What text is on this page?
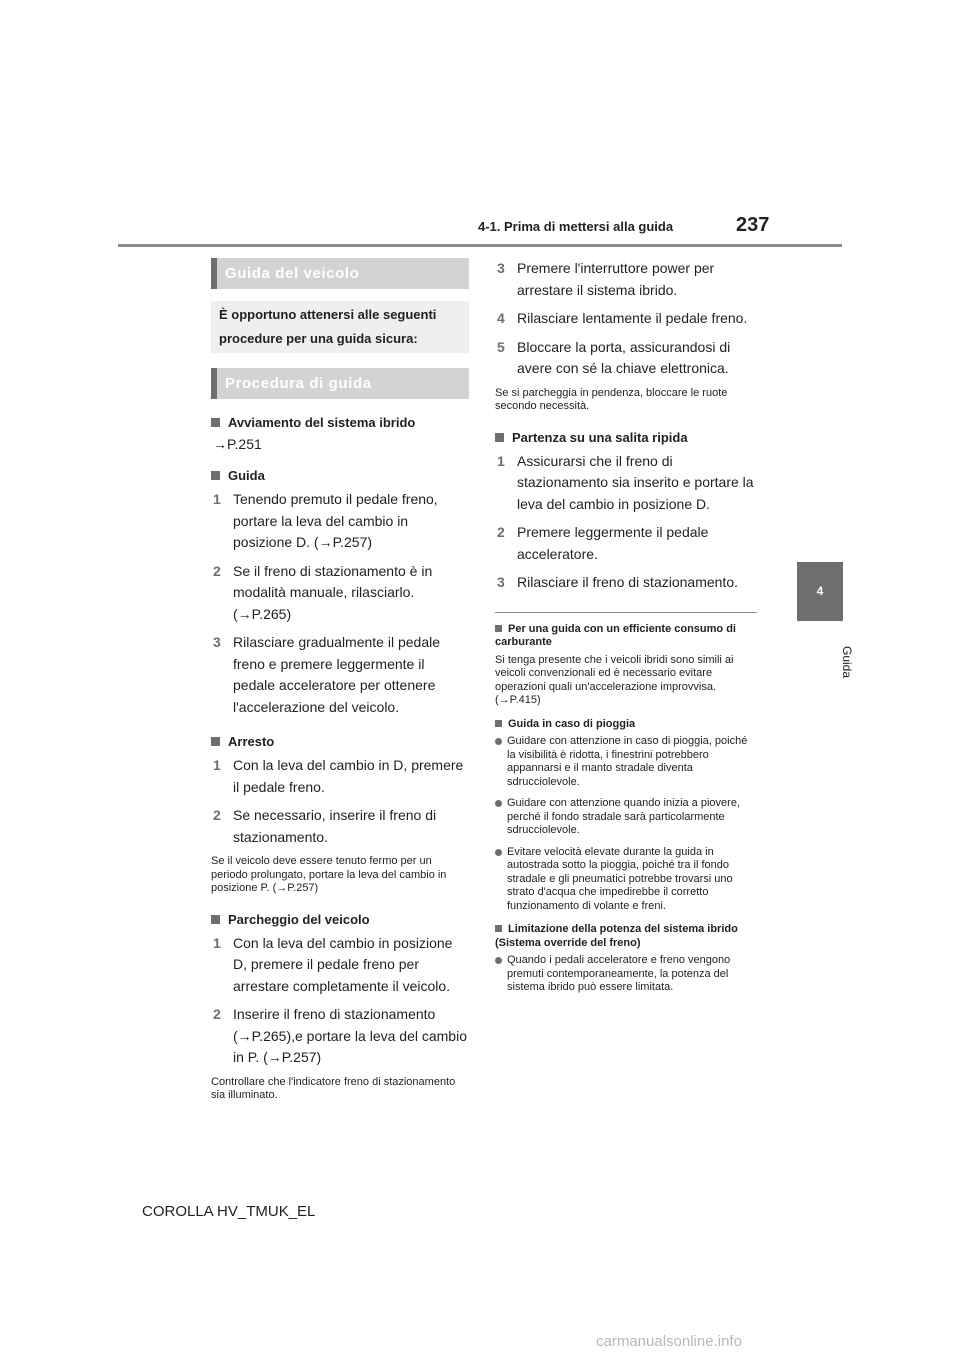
4-1. Prima di mettersi alla guida	237
4
Guida
Guida del veicolo
È opportuno attenersi alle seguenti procedure per una guida sicura:
Procedura di guida
Avviamento del sistema ibrido
→P.251
Guida
1 Tenendo premuto il pedale freno, portare la leva del cambio in posizione D. (→P.257)
2 Se il freno di stazionamento è in modalità manuale, rilasciarlo. (→P.265)
3 Rilasciare gradualmente il pedale freno e premere leggermente il pedale acceleratore per ottenere l'accelerazione del veicolo.
Arresto
1 Con la leva del cambio in D, premere il pedale freno.
2 Se necessario, inserire il freno di stazionamento.
Se il veicolo deve essere tenuto fermo per un periodo prolungato, portare la leva del cambio in posizione P. (→P.257)
Parcheggio del veicolo
1 Con la leva del cambio in posizione D, premere il pedale freno per arrestare completamente il veicolo.
2 Inserire il freno di stazionamento (→P.265),e portare la leva del cambio in P. (→P.257)
Controllare che l'indicatore freno di stazionamento sia illuminato.
3 Premere l'interruttore power per arrestare il sistema ibrido.
4 Rilasciare lentamente il pedale freno.
5 Bloccare la porta, assicurandosi di avere con sé la chiave elettronica.
Se si parcheggia in pendenza, bloccare le ruote secondo necessità.
Partenza su una salita ripida
1 Assicurarsi che il freno di stazionamento sia inserito e portare la leva del cambio in posizione D.
2 Premere leggermente il pedale acceleratore.
3 Rilasciare il freno di stazionamento.
Per una guida con un efficiente consumo di carburante
Si tenga presente che i veicoli ibridi sono simili ai veicoli convenzionali ed è necessario evitare operazioni quali un'accelerazione improvvisa. (→P.415)
Guida in caso di pioggia
Guidare con attenzione in caso di pioggia, poiché la visibilità è ridotta, i finestrini potrebbero appannarsi e il manto stradale diventa sdrucciolevole.
Guidare con attenzione quando inizia a piovere, perché il fondo stradale sarà particolarmente sdrucciolevole.
Evitare velocità elevate durante la guida in autostrada sotto la pioggia, poiché tra il fondo stradale e gli pneumatici potrebbe trovarsi uno strato d'acqua che impedirebbe il corretto funzionamento di volante e freni.
Limitazione della potenza del sistema ibrido (Sistema override del freno)
Quando i pedali acceleratore e freno vengono premuti contemporaneamente, la potenza del sistema ibrido può essere limitata.
COROLLA HV_TMUK_EL
carmanualsonline.info
